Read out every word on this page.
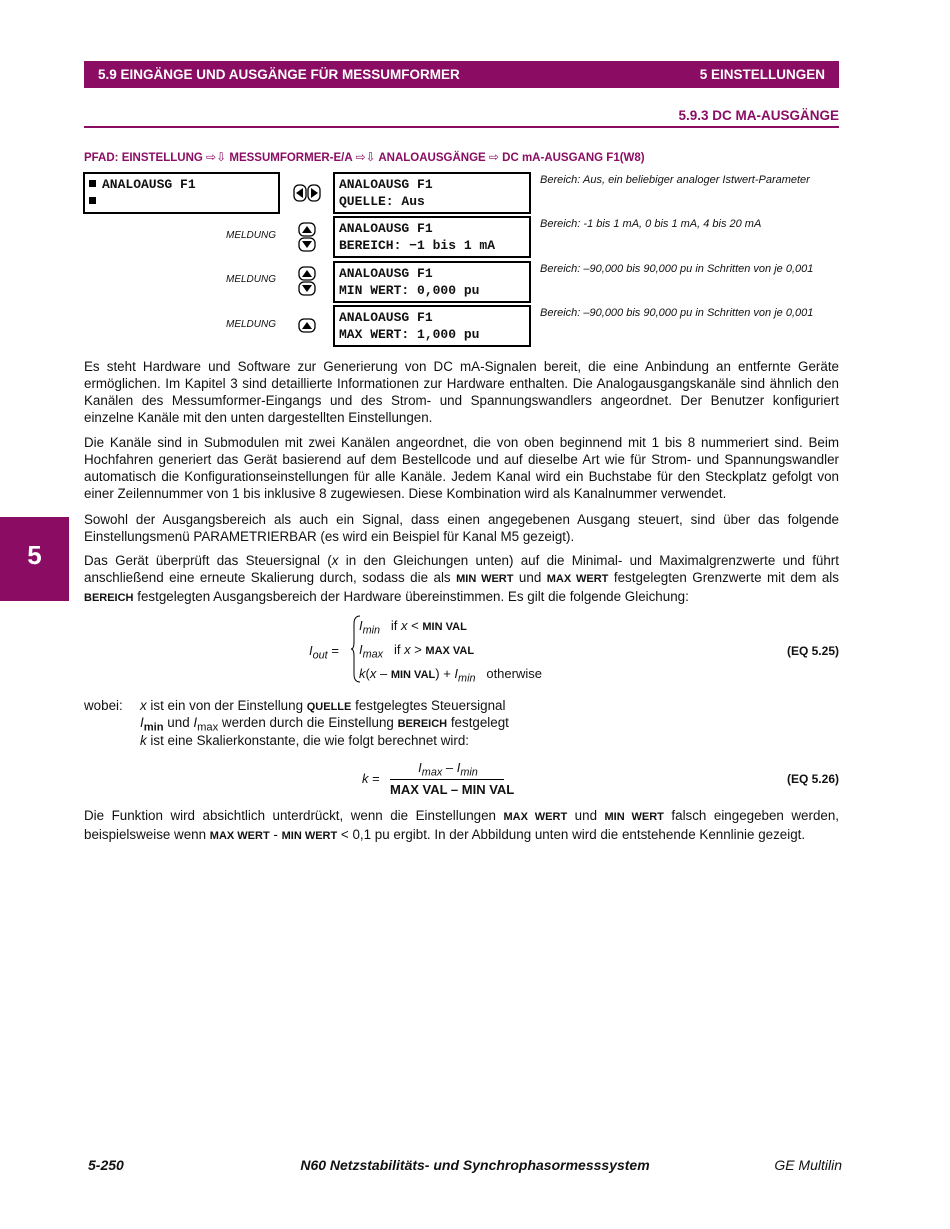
5.9 EINGÄNGE UND AUSGÄNGE FÜR MESSUMFORMER	5 EINSTELLUNGEN
5.9.3 DC MA-AUSGÄNGE
PFAD: EINSTELLUNG ⇨⇩ MESSUMFORMER-E/A ⇨⇩ ANALOAUSGÄNGE ⇨ DC mA-AUSGANG F1(W8)
ANALOAUSG F1	ANALOAUSG F1
QUELLE: Aus
Bereich: Aus, ein beliebiger analoger Istwert-Parameter
MELDUNG	ANALOAUSG F1
BEREICH: −1 bis 1 mA
Bereich: -1 bis 1 mA, 0 bis 1 mA, 4 bis 20 mA
MELDUNG	ANALOAUSG F1
MIN WERT: 0,000 pu
Bereich: –90,000 bis 90,000 pu in Schritten von je 0,001
MELDUNG	ANALOAUSG F1
MAX WERT: 1,000 pu
Bereich: –90,000 bis 90,000 pu in Schritten von je 0,001
5
Es steht Hardware und Software zur Generierung von DC mA-Signalen bereit, die eine Anbindung an entfernte Geräte ermöglichen. Im Kapitel 3 sind detaillierte Informationen zur Hardware enthalten. Die Analogausgangskanäle sind ähnlich den Kanälen des Messumformer-Eingangs und des Strom- und Spannungswandlers angeordnet. Der Benutzer konfiguriert einzelne Kanäle mit den unten dargestellten Einstellungen.
Die Kanäle sind in Submodulen mit zwei Kanälen angeordnet, die von oben beginnend mit 1 bis 8 nummeriert sind. Beim Hochfahren generiert das Gerät basierend auf dem Bestellcode und auf dieselbe Art wie für Strom- und Spannungswandler automatisch die Konfigurationseinstellungen für alle Kanäle. Jedem Kanal wird ein Buchstabe für den Steckplatz gefolgt von einer Zeilennummer von 1 bis inklusive 8 zugewiesen. Diese Kombination wird als Kanalnummer verwendet.
Sowohl der Ausgangsbereich als auch ein Signal, dass einen angegebenen Ausgang steuert, sind über das folgende Einstellungsmenü PARAMETRIERBAR (es wird ein Beispiel für Kanal M5 gezeigt).
Das Gerät überprüft das Steuersignal (x in den Gleichungen unten) auf die Minimal- und Maximalgrenzwerte und führt anschließend eine erneute Skalierung durch, sodass die als MIN WERT und MAX WERT festgelegten Grenzwerte mit dem als BEREICH festgelegten Ausgangsbereich der Hardware übereinstimmen. Es gilt die folgende Gleichung:
$I_{out}$ =
$I_{min}$ if x < MIN VAL
$I_{max}$ if x > MAX VAL
k(x – MIN $VAL) + I_{min}$ otherwise
(EQ 5.25)
wobei: x ist ein von der Einstellung QUELLE festgelegtes Steuersignal
$I_{min}$ und $I_{max}$ werden durch die Einstellung BEREICH festgelegt
k ist eine Skalierkonstante, die wie folgt berechnet wird:
k =
$I_{max} - I_{min}$
MAX VAL – MIN VAL
(EQ 5.26)
Die Funktion wird absichtlich unterdrückt, wenn die Einstellungen MAX WERT und MIN WERT falsch eingegeben werden, beispielsweise wenn MAX WERT - MIN WERT < 0,1 pu ergibt. In der Abbildung unten wird die entstehende Kennlinie gezeigt.
5-250	N60 Netzstabilitäts- und Synchrophasormesssystem	GE Multilin
